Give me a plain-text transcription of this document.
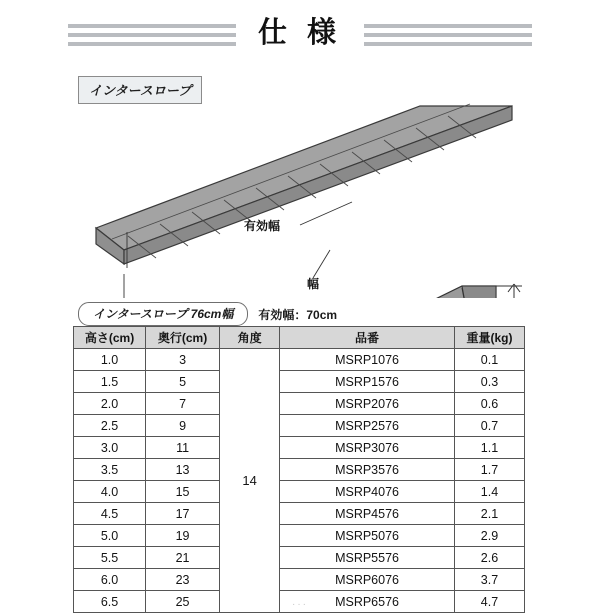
仕 様
インタースロープ
有効幅
幅
インタースロープ 76cm幅	有効幅：70cm
高さ(cm)	奥行(cm)	角度	品番	重量(kg)
1.0	3	14	MSRP1076	0.1
1.5	5		MSRP1576	0.3
2.0	7		MSRP2076	0.6
2.5	9		MSRP2576	0.7
3.0	11		MSRP3076	1.1
3.5	13		MSRP3576	1.7
4.0	15		MSRP4076	1.4
4.5	17		MSRP4576	2.1
5.0	19		MSRP5076	2.9
5.5	21		MSRP5576	2.6
6.0	23		MSRP6076	3.7
6.5	25		MSRP6576	4.7
···
